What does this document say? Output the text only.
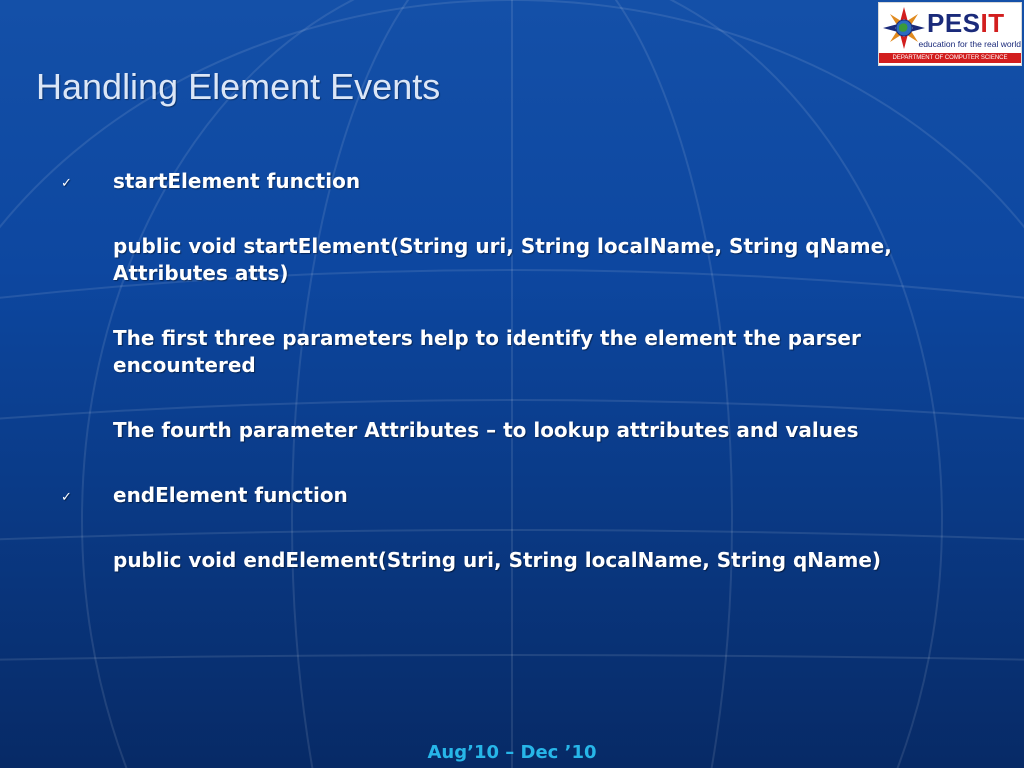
Handling Element Events
PESIT
education for the real world
DEPARTMENT OF COMPUTER SCIENCE

✓ startElement function

public void startElement(String uri, String localName, String qName, Attributes atts)

The first three parameters help to identify the element the parser encountered

The fourth parameter Attributes – to lookup attributes and values

✓ endElement function

public void endElement(String uri, String localName, String qName)

Aug’10 – Dec ’10
